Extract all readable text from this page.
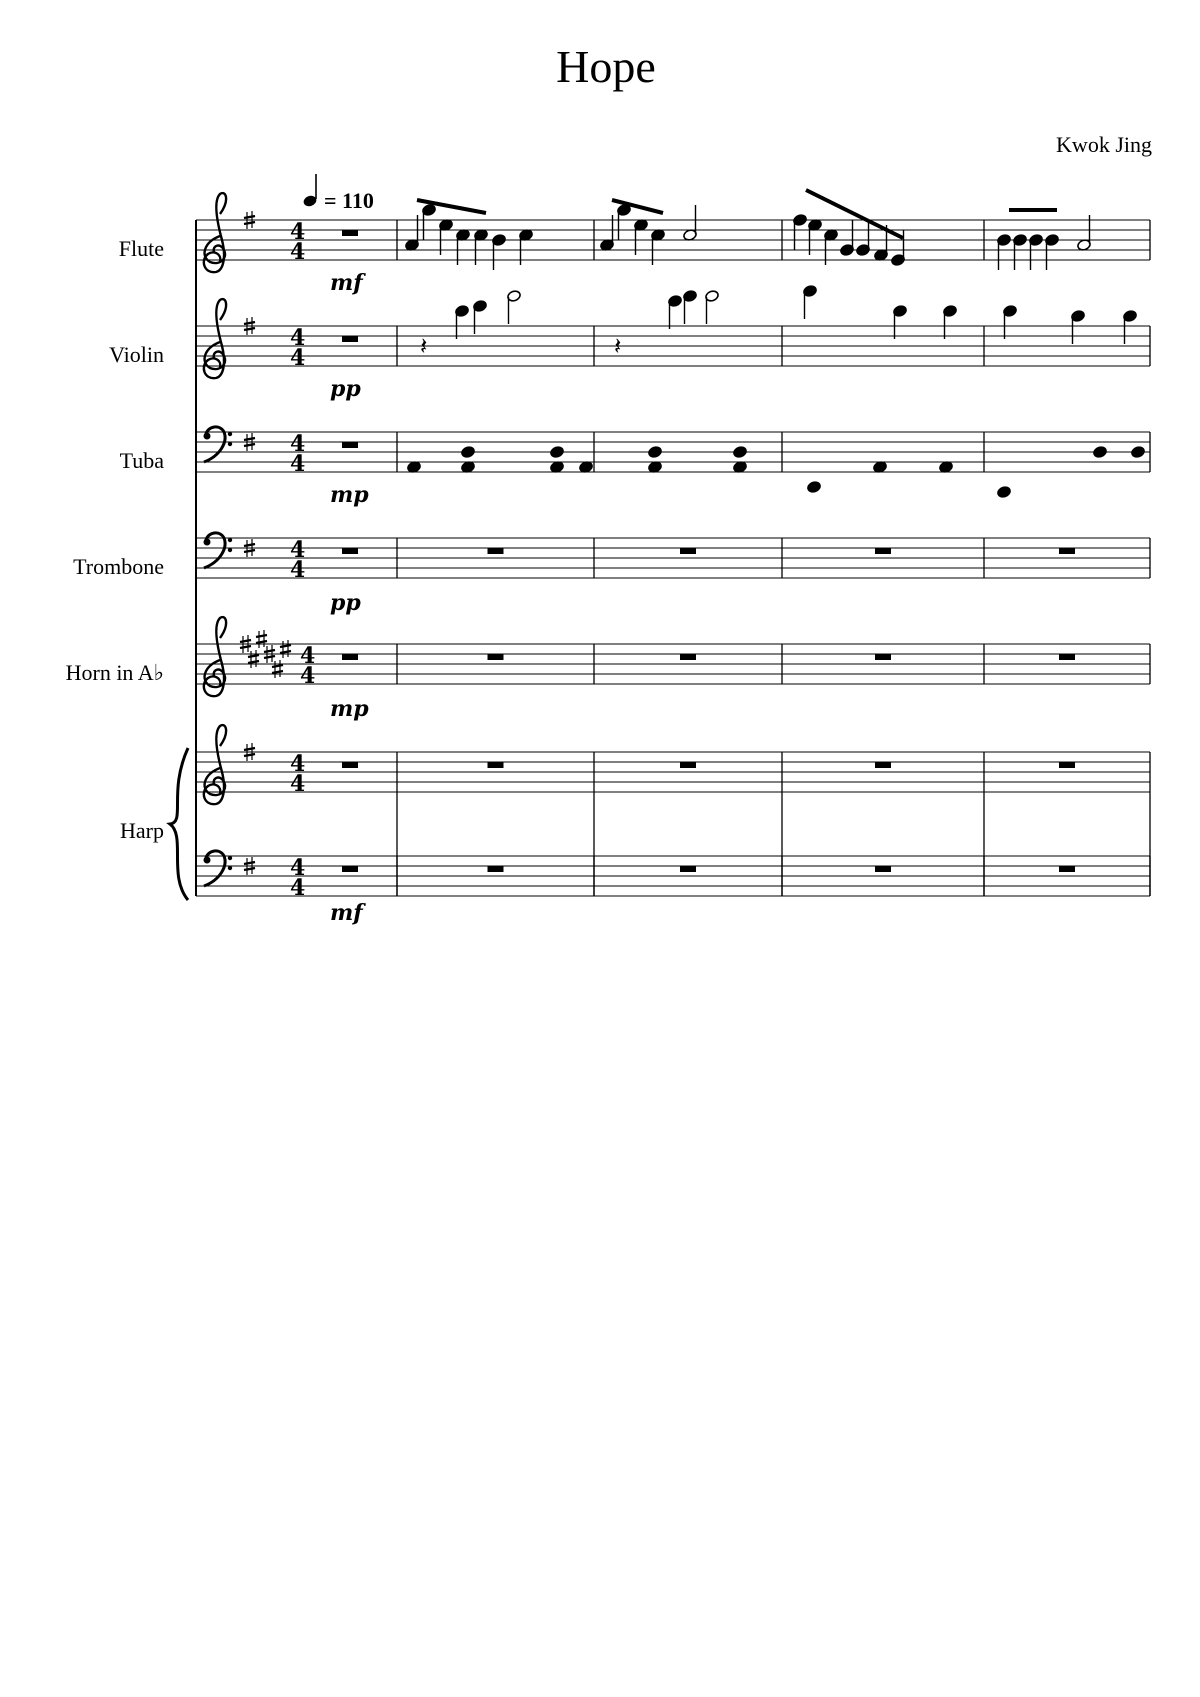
Hope
Kwok Jing
Flute
Violin
Tuba
Trombone
Horn in A♭
Harp
4
4
4
4
4
4
4
4
4
4
4
4
4
4
= 110
mf
pp
mp
pp
mp
mf
𝄽	𝄽
